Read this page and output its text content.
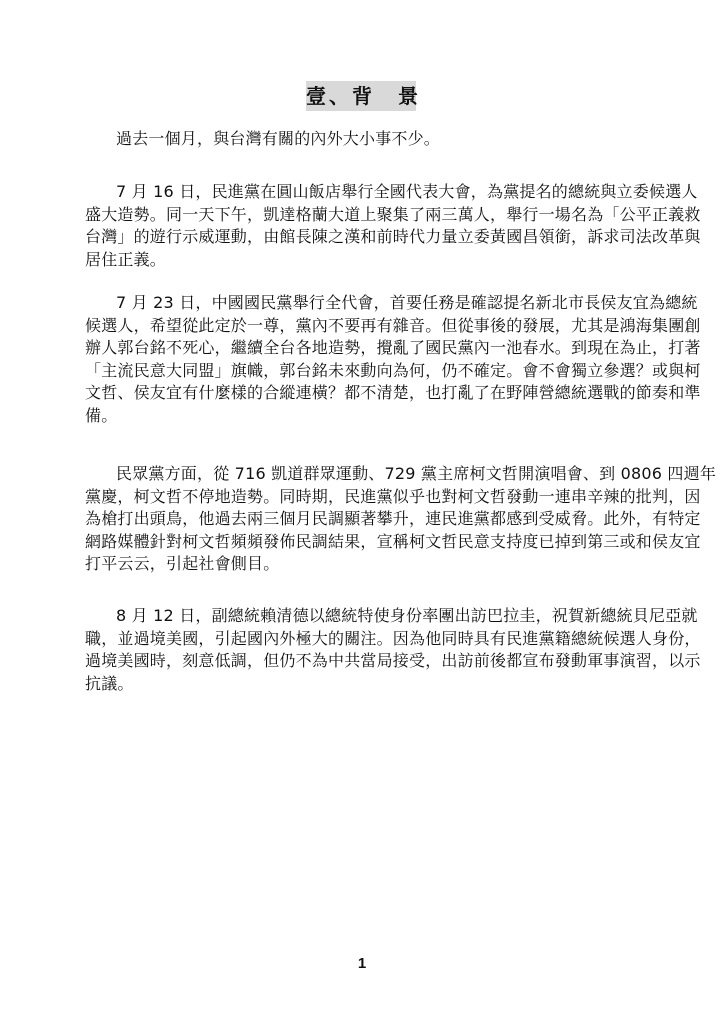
壹、背　景

過去一個月，與台灣有關的內外大小事不少。

7 月 16 日，民進黨在圓山飯店舉行全國代表大會，為黨提名的總統與立委候選人
盛大造勢。同一天下午，凱達格蘭大道上聚集了兩三萬人，舉行一場名為「公平正義救
台灣」的遊行示威運動，由館長陳之漢和前時代力量立委黃國昌領銜，訴求司法改革與
居住正義。

7 月 23 日，中國國民黨舉行全代會，首要任務是確認提名新北市長侯友宜為總統
候選人，希望從此定於一尊，黨內不要再有雜音。但從事後的發展，尤其是鴻海集團創
辦人郭台銘不死心，繼續全台各地造勢，攪亂了國民黨內一池春水。到現在為止，打著
「主流民意大同盟」旗幟，郭台銘未來動向為何，仍不確定。會不會獨立參選？或與柯
文哲、侯友宜有什麼樣的合縱連橫？都不清楚，也打亂了在野陣營總統選戰的節奏和準
備。

民眾黨方面，從 716 凱道群眾運動、729 黨主席柯文哲開演唱會、到 0806 四週年
黨慶，柯文哲不停地造勢。同時期，民進黨似乎也對柯文哲發動一連串辛辣的批判，因
為槍打出頭鳥，他過去兩三個月民調顯著攀升，連民進黨都感到受威脅。此外，有特定
網路媒體針對柯文哲頻頻發佈民調結果，宣稱柯文哲民意支持度已掉到第三或和侯友宜
打平云云，引起社會側目。

8 月 12 日，副總統賴清德以總統特使身份率團出訪巴拉圭，祝賀新總統貝尼亞就
職，並過境美國，引起國內外極大的關注。因為他同時具有民進黨籍總統候選人身份，
過境美國時，刻意低調，但仍不為中共當局接受，出訪前後都宣布發動軍事演習，以示
抗議。

1
